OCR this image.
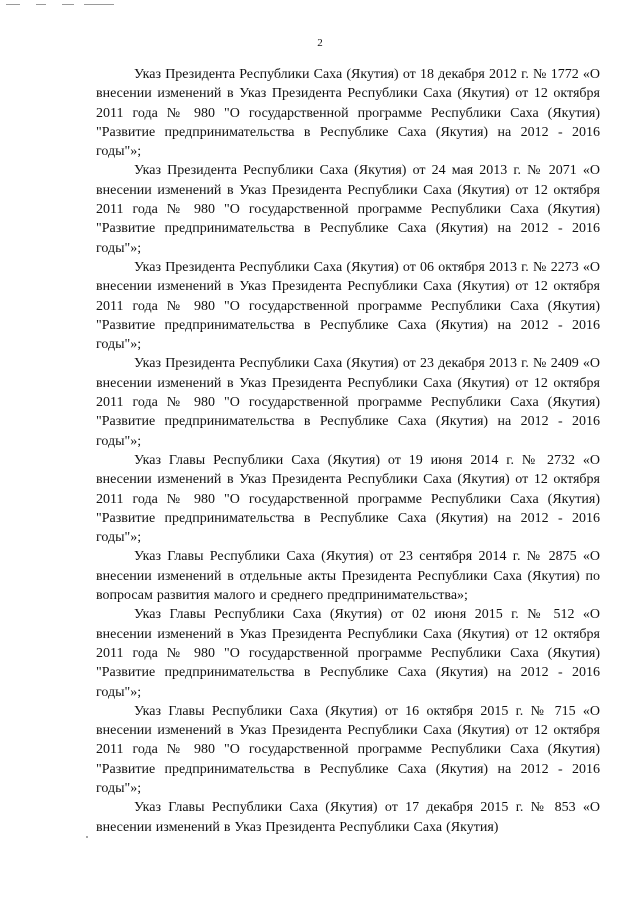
2

Указ Президента Республики Саха (Якутия) от 18 декабря 2012 г. № 1772 «О внесении изменений в Указ Президента Республики Саха (Якутия) от 12 октября 2011 года № 980 "О государственной программе Республики Саха (Якутия) "Развитие предпринимательства в Республике Саха (Якутия) на 2012 - 2016 годы"»;

Указ Президента Республики Саха (Якутия) от 24 мая 2013 г. № 2071 «О внесении изменений в Указ Президента Республики Саха (Якутия) от 12 октября 2011 года № 980 "О государственной программе Республики Саха (Якутия) "Развитие предпринимательства в Республике Саха (Якутия) на 2012 - 2016 годы"»;

Указ Президента Республики Саха (Якутия) от 06 октября 2013 г. № 2273 «О внесении изменений в Указ Президента Республики Саха (Якутия) от 12 октября 2011 года № 980 "О государственной программе Республики Саха (Якутия) "Развитие предпринимательства в Республике Саха (Якутия) на 2012 - 2016 годы"»;

Указ Президента Республики Саха (Якутия) от 23 декабря 2013 г. № 2409 «О внесении изменений в Указ Президента Республики Саха (Якутия) от 12 октября 2011 года № 980 "О государственной программе Республики Саха (Якутия) "Развитие предпринимательства в Республике Саха (Якутия) на 2012 - 2016 годы"»;

Указ Главы Республики Саха (Якутия) от 19 июня 2014 г. № 2732 «О внесении изменений в Указ Президента Республики Саха (Якутия) от 12 октября 2011 года № 980 "О государственной программе Республики Саха (Якутия) "Развитие предпринимательства в Республике Саха (Якутия) на 2012 - 2016 годы"»;

Указ Главы Республики Саха (Якутия) от 23 сентября 2014 г. № 2875 «О внесении изменений в отдельные акты Президента Республики Саха (Якутия) по вопросам развития малого и среднего предпринимательства»;

Указ Главы Республики Саха (Якутия) от 02 июня 2015 г. № 512 «О внесении изменений в Указ Президента Республики Саха (Якутия) от 12 октября 2011 года № 980 "О государственной программе Республики Саха (Якутия) "Развитие предпринимательства в Республике Саха (Якутия) на 2012 - 2016 годы"»;

Указ Главы Республики Саха (Якутия) от 16 октября 2015 г. № 715 «О внесении изменений в Указ Президента Республики Саха (Якутия) от 12 октября 2011 года № 980 "О государственной программе Республики Саха (Якутия) "Развитие предпринимательства в Республике Саха (Якутия) на 2012 - 2016 годы"»;

Указ Главы Республики Саха (Якутия) от 17 декабря 2015 г. № 853 «О внесении изменений в Указ Президента Республики Саха (Якутия)
